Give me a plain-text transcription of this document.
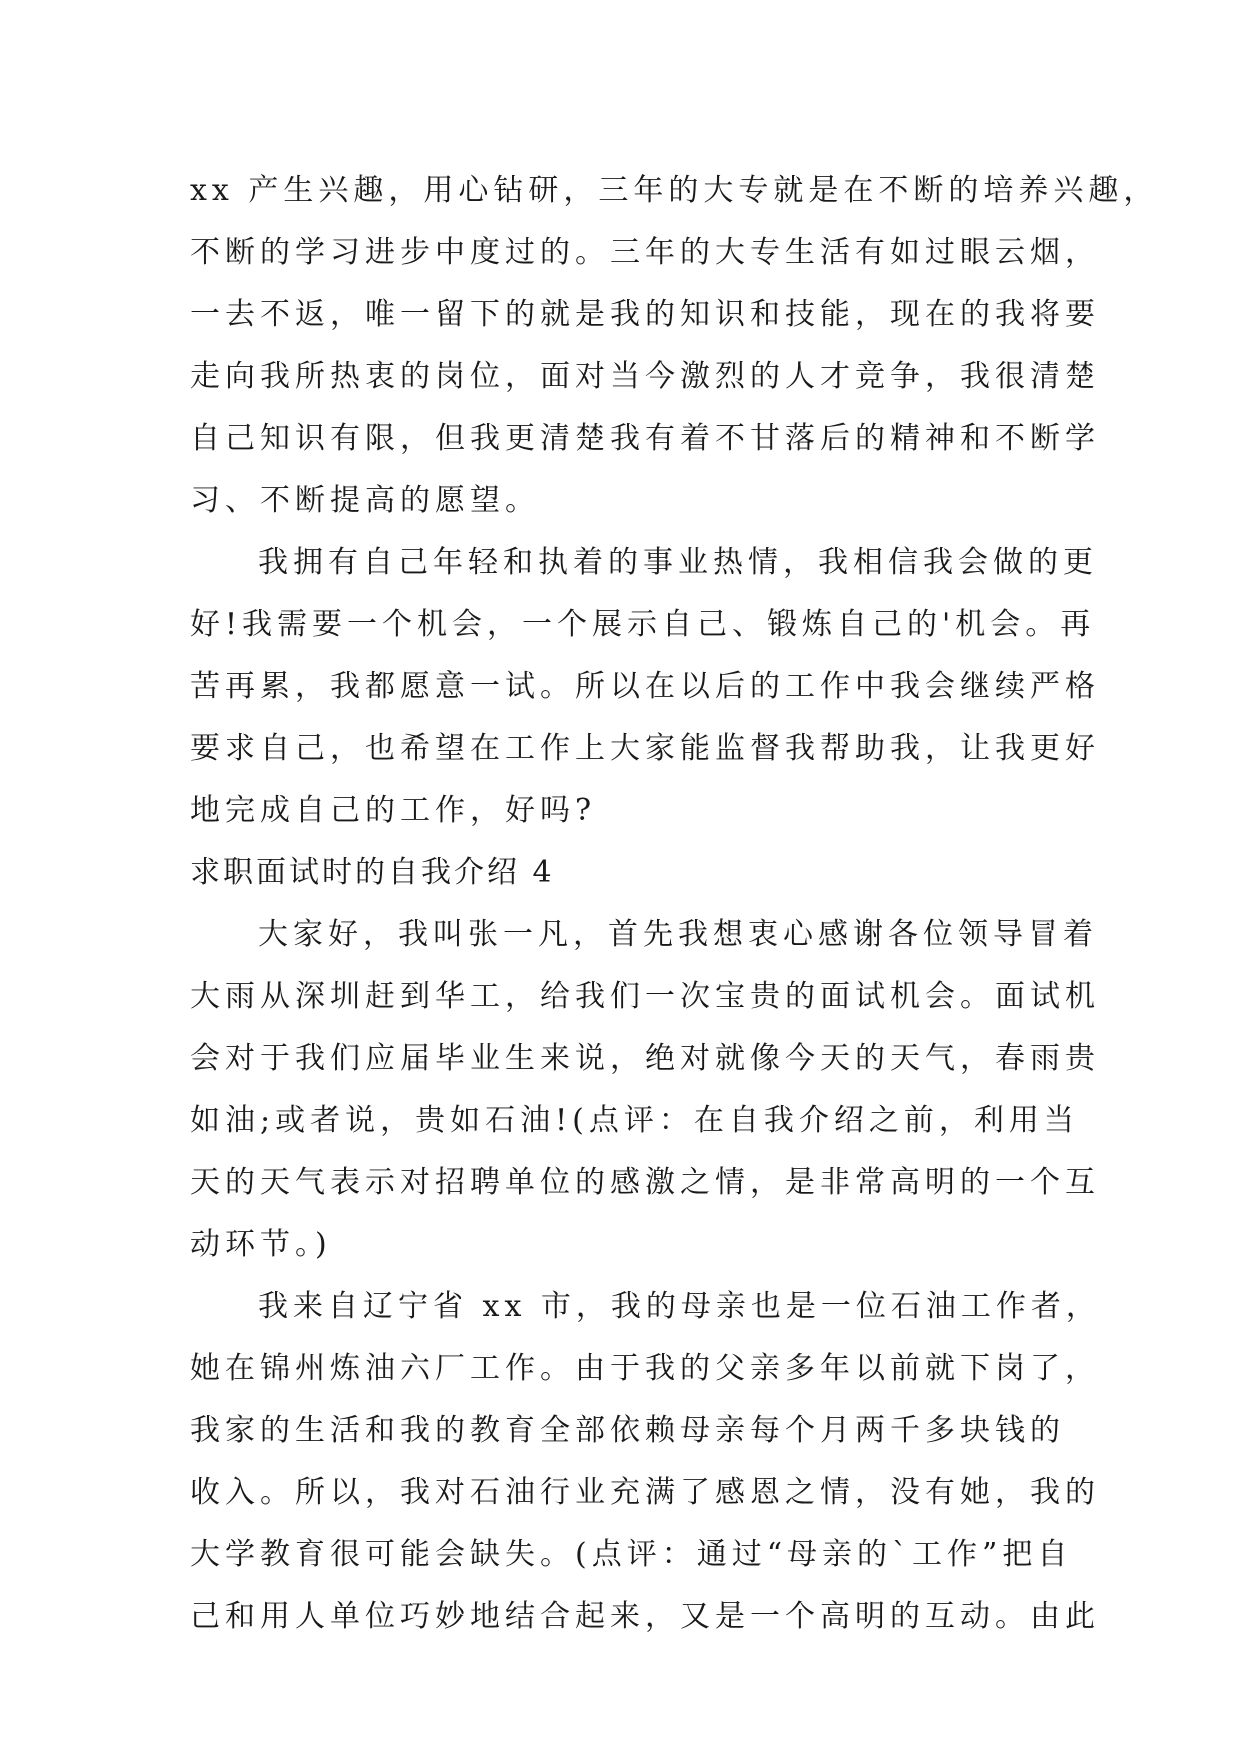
xx 产生兴趣，用心钻研，三年的大专就是在不断的培养兴趣，
不断的学习进步中度过的。三年的大专生活有如过眼云烟，
一去不返，唯一留下的就是我的知识和技能，现在的我将要
走向我所热衷的岗位，面对当今激烈的人才竞争，我很清楚
自己知识有限，但我更清楚我有着不甘落后的精神和不断学
习、不断提高的愿望。
我拥有自己年轻和执着的事业热情，我相信我会做的更
好!我需要一个机会，一个展示自己、锻炼自己的'机会。再
苦再累，我都愿意一试。所以在以后的工作中我会继续严格
要求自己，也希望在工作上大家能监督我帮助我，让我更好
地完成自己的工作，好吗?
求职面试时的自我介绍 4
大家好，我叫张一凡，首先我想衷心感谢各位领导冒着
大雨从深圳赶到华工，给我们一次宝贵的面试机会。面试机
会对于我们应届毕业生来说，绝对就像今天的天气，春雨贵
如油;或者说，贵如石油!(点评：在自我介绍之前，利用当
天的天气表示对招聘单位的感激之情，是非常高明的一个互
动环节。)
我来自辽宁省 xx 市，我的母亲也是一位石油工作者，
她在锦州炼油六厂工作。由于我的父亲多年以前就下岗了，
我家的生活和我的教育全部依赖母亲每个月两千多块钱的
收入。所以，我对石油行业充满了感恩之情，没有她，我的
大学教育很可能会缺失。(点评：通过“母亲的`工作”把自
己和用人单位巧妙地结合起来，又是一个高明的互动。由此
